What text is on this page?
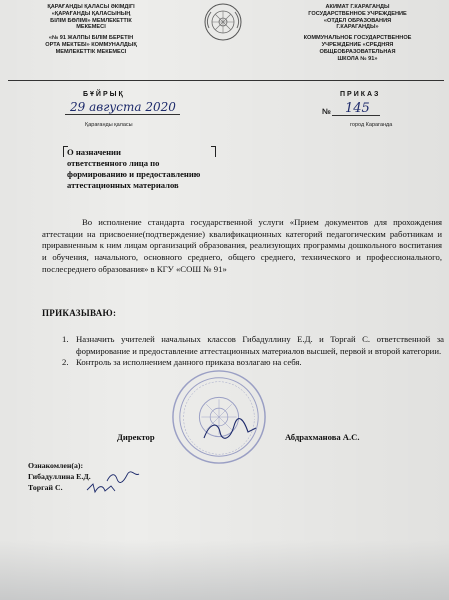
ҚАРАҒАНДЫ ҚАЛАСЫ ӘКІМДІГІ
«ҚАРАҒАНДЫ ҚАЛАСЫНЫҢ
БІЛІМ БӨЛІМІ» МЕМЛЕКЕТТІК
МЕКЕМЕСІ
«№ 91 ЖАЛПЫ БІЛІМ БЕРЕТІН
ОРТА МЕКТЕБІ» КОММУНАЛДЫҚ
МЕМЛЕКЕТТІК МЕКЕМЕСІ
АКИМАТ Г.КАРАГАНДЫ
ГОСУДАРСТВЕННОЕ УЧРЕЖДЕНИЕ
«ОТДЕЛ ОБРАЗОВАНИЯ
Г.КАРАГАНДЫ»
КОММУНАЛЬНОЕ ГОСУДАРСТВЕННОЕ
УЧРЕЖДЕНИЕ «СРЕДНЯЯ
ОБЩЕОБРАЗОВАТЕЛЬНАЯ
ШКОЛА № 91»
БҰЙРЫҚ	ПРИКАЗ
29 августа 2020	№ 145
Қарағанды қаласы	город Караганда
О назначении
ответственного лица по
формированию и предоставлению
аттестационных материалов
Во исполнение стандарта государственной услуги «Прием документов для прохождения аттестации на присвоение(подтверждение) квалификационных категорий педагогическим работникам и приравненным к ним лицам организаций образования, реализующих программы дошкольного воспитания и обучения, начального, основного среднего, общего среднего, технического и профессионального, послесреднего образования» в КГУ «СОШ № 91»
ПРИКАЗЫВАЮ:
1. Назначить учителей начальных классов Гибадуллину Е.Д. и Торгай С. ответственной за формирование и предоставление аттестационных материалов высшей, первой и второй категории.
2. Контроль за исполнением данного приказа возлагаю на себя.
Директор	Абдрахманова А.С.
Ознакомлен(а):
Гибадуллина Е.Д.
Торгай С.
